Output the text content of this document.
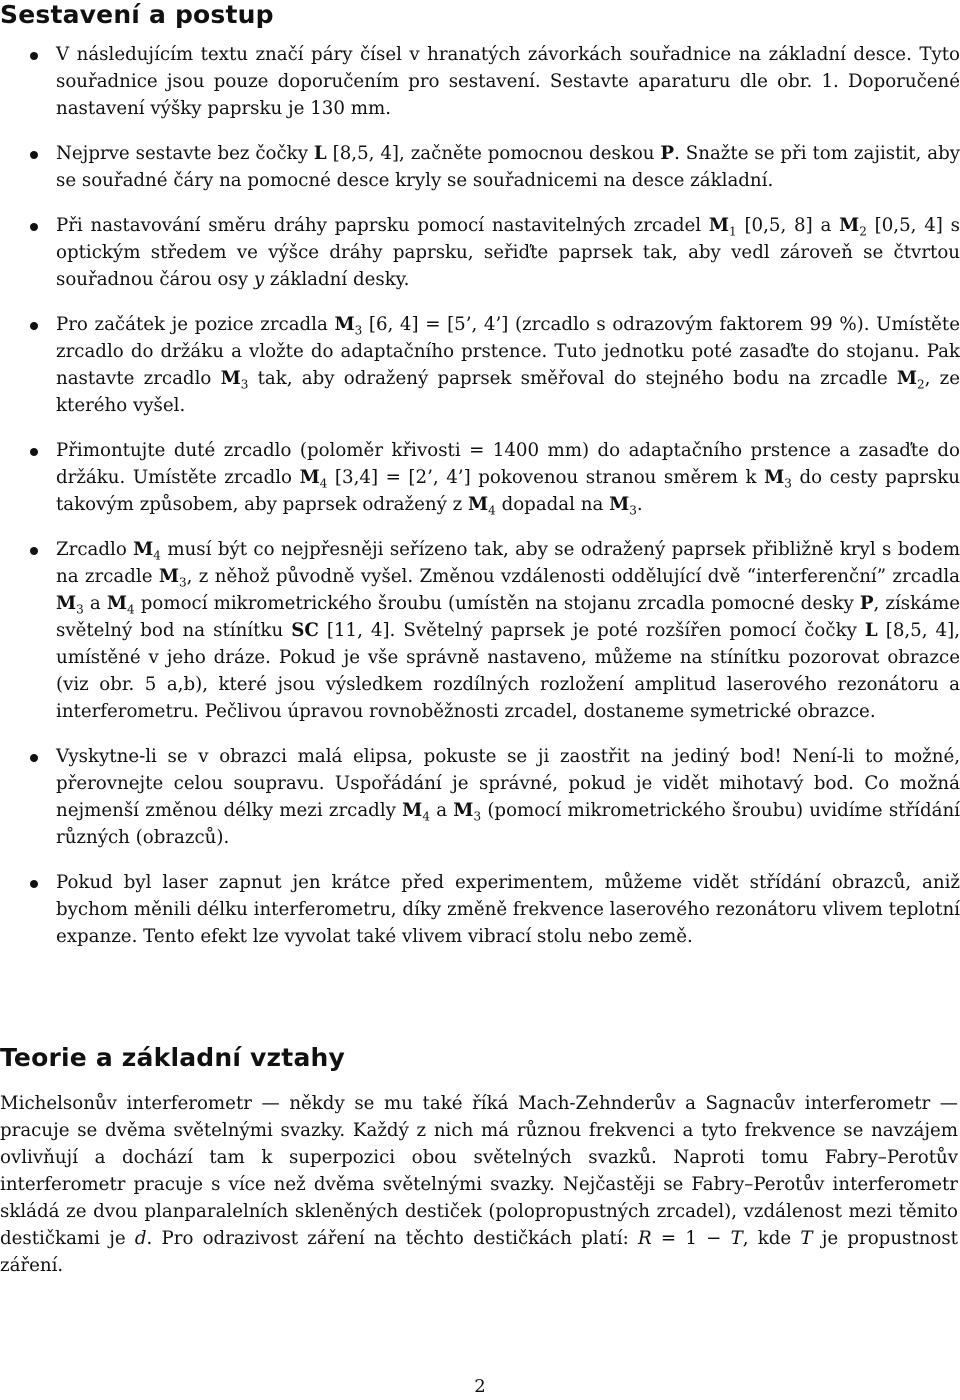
Sestavení a postup

V následujícím textu značí páry čísel v hranatých závorkách souřadnice na základní desce. Tyto souřadnice jsou pouze doporučením pro sestavení. Sestavte aparaturu dle obr. 1. Doporučené nastavení výšky paprsku je 130 mm.

Nejprve sestavte bez čočky L [8,5, 4], začněte pomocnou deskou P. Snažte se při tom zajistit, aby se souřadné čáry na pomocné desce kryly se souřadnicemi na desce základní.

Při nastavování směru dráhy paprsku pomocí nastavitelných zrcadel $M_1$ [0,5, 8] a $M_2$ [0,5, 4] s optickým středem ve výšce dráhy paprsku, seřiďte paprsek tak, aby vedl zároveň se čtvrtou souřadnou čárou osy y základní desky.

Pro začátek je pozice zrcadla $M_3$ [6, 4] = [5’, 4’] (zrcadlo s odrazovým faktorem 99 %). Umístěte zrcadlo do držáku a vložte do adaptačního prstence. Tuto jednotku poté zasaďte do stojanu. Pak nastavte zrcadlo $M_3$ tak, aby odražený paprsek směřoval do stejného bodu na zrcadle $M_2$, ze kterého vyšel.

Přimontujte duté zrcadlo (poloměr křivosti = 1400 mm) do adaptačního prstence a zasaďte do držáku. Umístěte zrcadlo $M_4$ [3,4] = [2’, 4’] pokovenou stranou směrem k $M_3$ do cesty paprsku takovým způsobem, aby paprsek odražený z $M_4$ dopadal na $M_3$.

Zrcadlo $M_4$ musí být co nejpřesněji seřízeno tak, aby se odražený paprsek přibližně kryl s bodem na zrcadle $M_3$, z něhož původně vyšel. Změnou vzdálenosti oddělující dvě “interferenční” zrcadla $M_3$ a $M_4$ pomocí mikrometrického šroubu (umístěn na stojanu zrcadla pomocné desky P, získáme světelný bod na stínítku SC [11, 4]. Světelný paprsek je poté rozšířen pomocí čočky L [8,5, 4], umístěné v jeho dráze. Pokud je vše správně nastaveno, můžeme na stínítku pozorovat obrazce (viz obr. 5 a,b), které jsou výsledkem rozdílných rozložení amplitud laserového rezonátoru a interferometru. Pečlivou úpravou rovnoběžnosti zrcadel, dostaneme symetrické obrazce.

Vyskytne-li se v obrazci malá elipsa, pokuste se ji zaostřit na jediný bod! Není-li to možné, přerovnejte celou soupravu. Uspořádání je správné, pokud je vidět mihotavý bod. Co možná nejmenší změnou délky mezi zrcadly $M_4$ a $M_3$ (pomocí mikrometrického šroubu) uvidíme střídání různých (obrazců).

Pokud byl laser zapnut jen krátce před experimentem, můžeme vidět střídání obrazců, aniž bychom měnili délku interferometru, díky změně frekvence laserového rezonátoru vlivem teplotní expanze. Tento efekt lze vyvolat také vlivem vibrací stolu nebo země.

Teorie a základní vztahy

Michelsonův interferometr — někdy se mu také říká Mach-Zehnderův a Sagnacův interferometr — pracuje se dvěma světelnými svazky. Každý z nich má různou frekvenci a tyto frekvence se navzájem ovlivňují a dochází tam k superpozici obou světelných svazků. Naproti tomu Fabry–Perotův interferometr pracuje s více než dvěma světelnými svazky. Nejčastěji se Fabry–Perotův interferometr skládá ze dvou planparalelních skleněných destiček (polopropustných zrcadel), vzdálenost mezi těmito destičkami je d. Pro odrazivost záření na těchto destičkách platí: R = 1 − T, kde T je propustnost záření.

2
